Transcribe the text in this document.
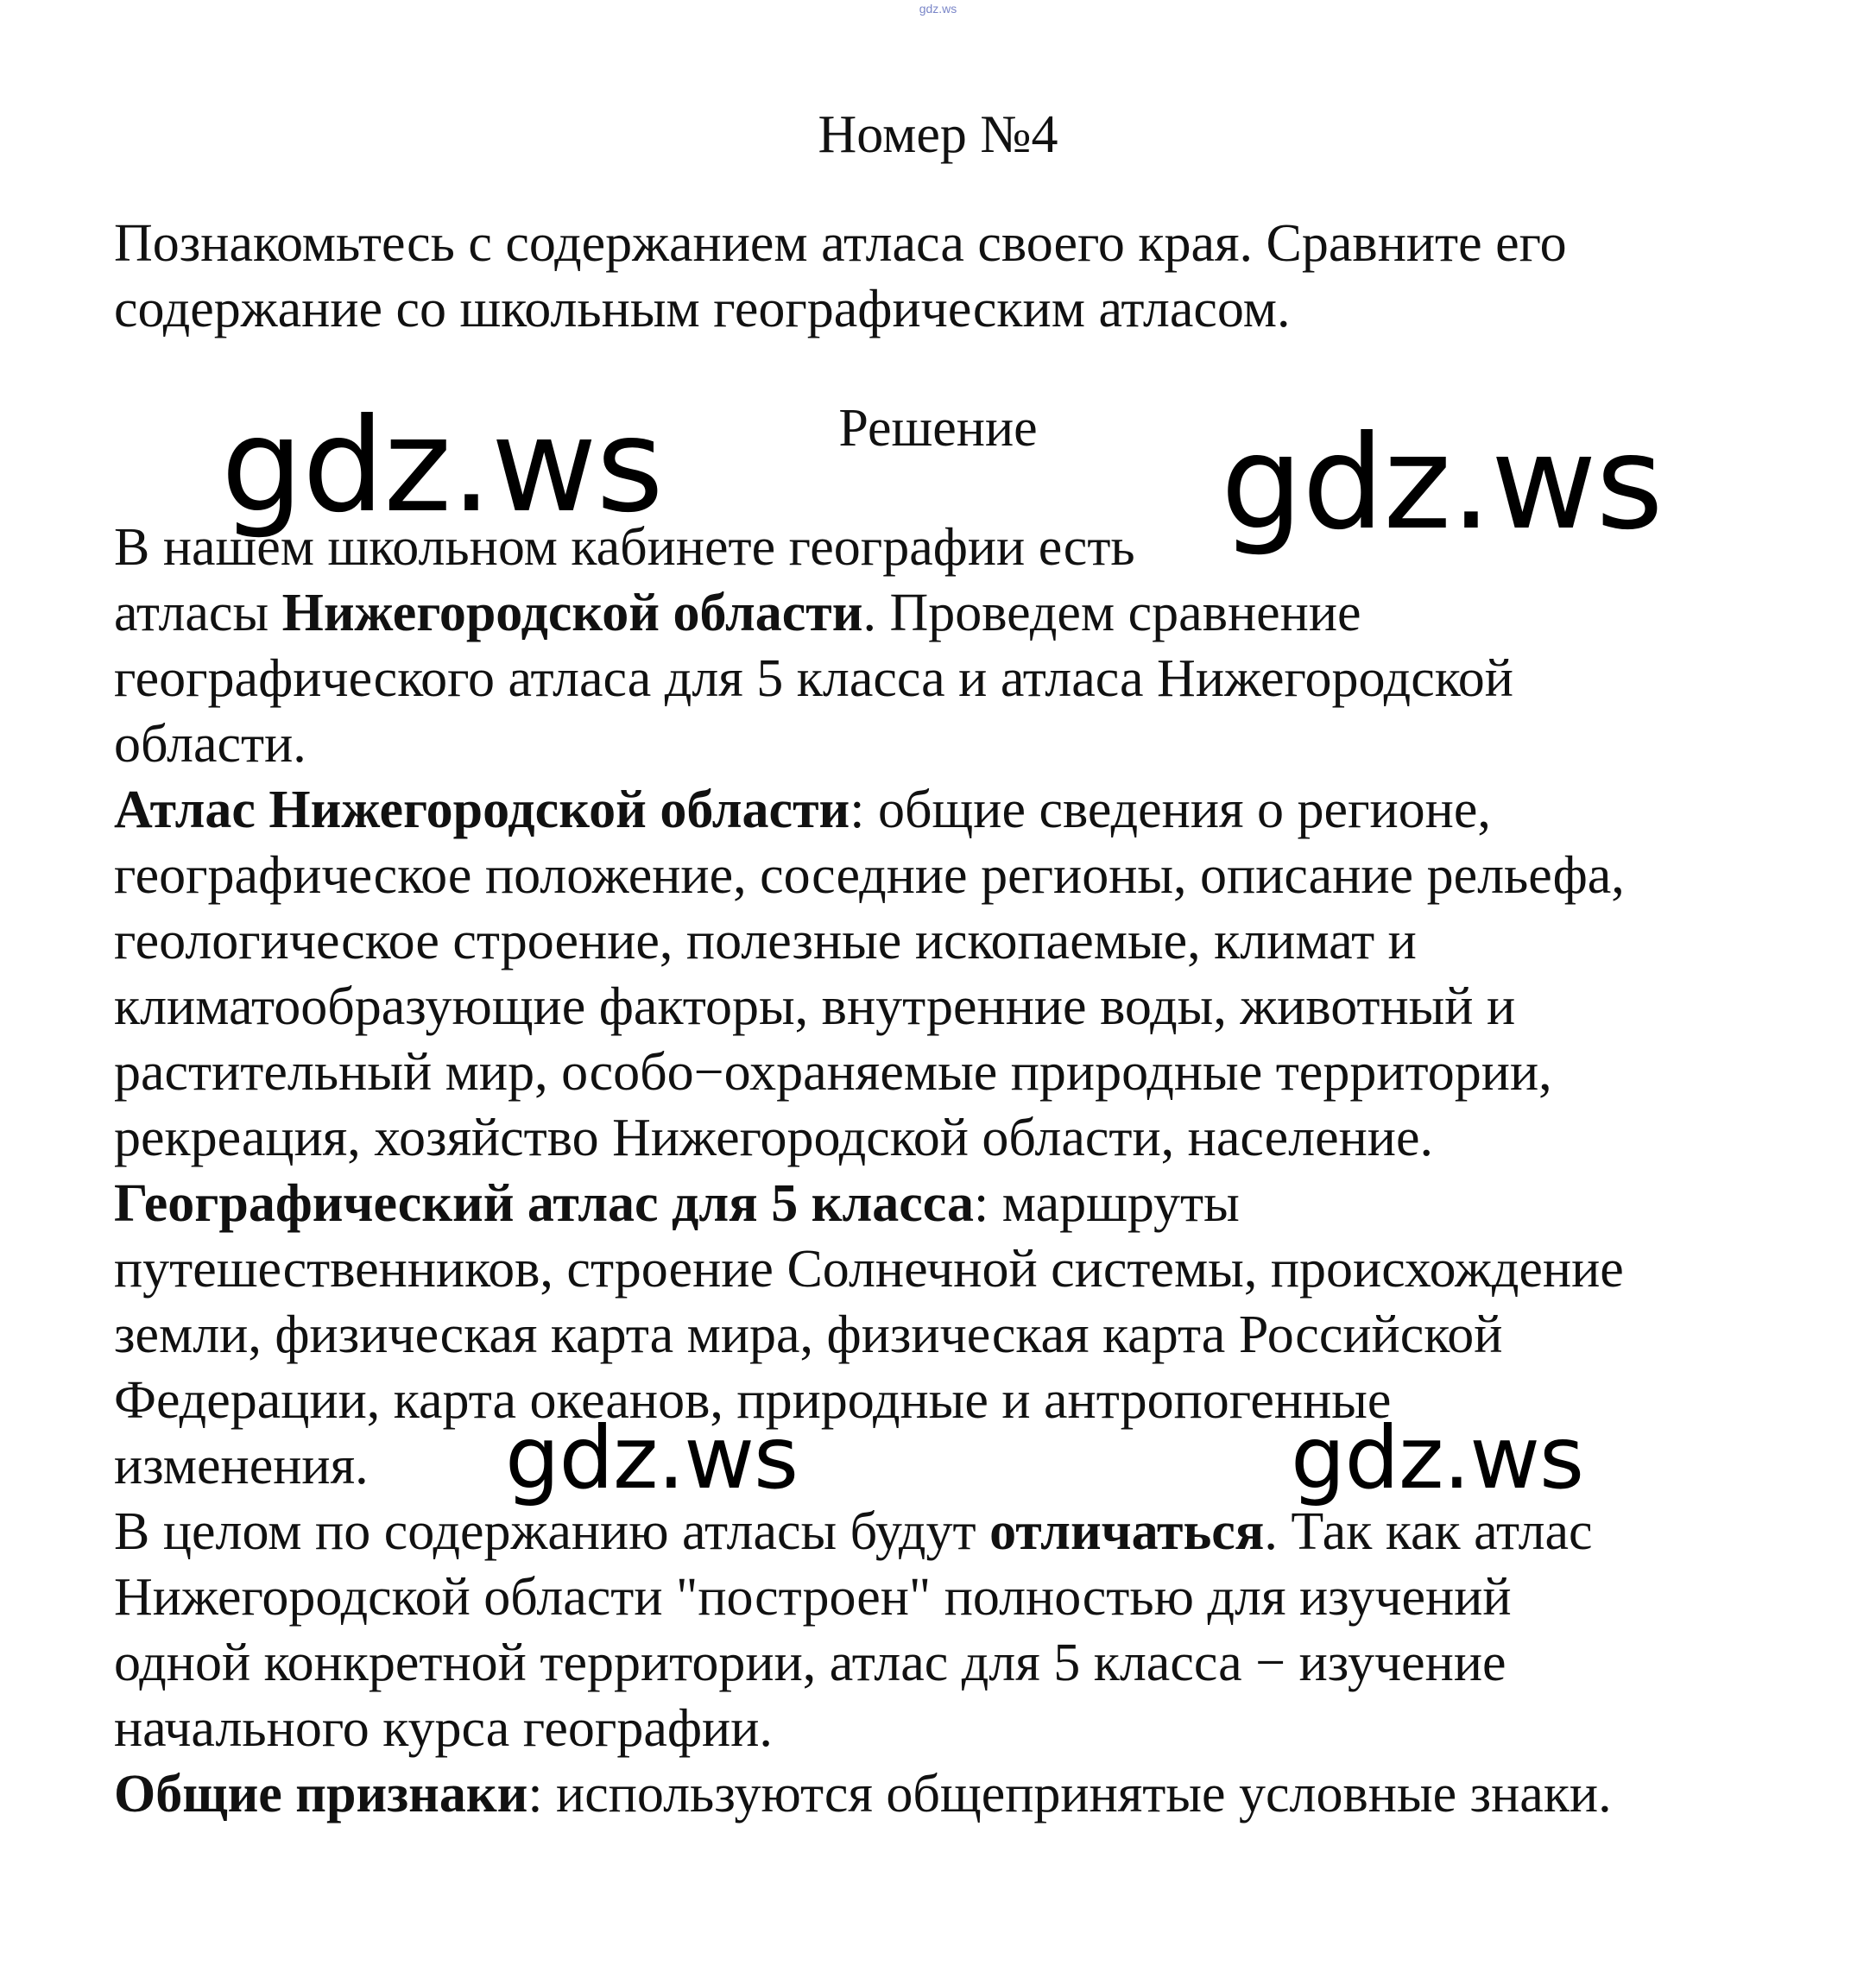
gdz.ws
Номер №4
Познакомьтесь с содержанием атласа своего края. Сравните его
содержание со школьным географическим атласом.
Решение
В нашем школьном кабинете географии есть
атласы Нижегородской области. Проведем сравнение
географического атласа для 5 класса и атласа Нижегородской
области.
Атлас Нижегородской области: общие сведения о регионе,
географическое положение, соседние регионы, описание рельефа,
геологическое строение, полезные ископаемые, климат и
климатообразующие факторы, внутренние воды, животный и
растительный мир, особо−охраняемые природные территории,
рекреация, хозяйство Нижегородской области, население.
Географический атлас для 5 класса: маршруты
путешественников, строение Солнечной системы, происхождение
земли, физическая карта мира, физическая карта Российской
Федерации, карта океанов, природные и антропогенные
изменения.
В целом по содержанию атласы будут отличаться. Так как атлас
Нижегородской области "построен" полностью для изучений
одной конкретной территории, атлас для 5 класса − изучение
начального курса географии.
Общие признаки: используются общепринятые условные знаки.
gdz.ws	gdz.ws
gdz.ws	gdz.ws
